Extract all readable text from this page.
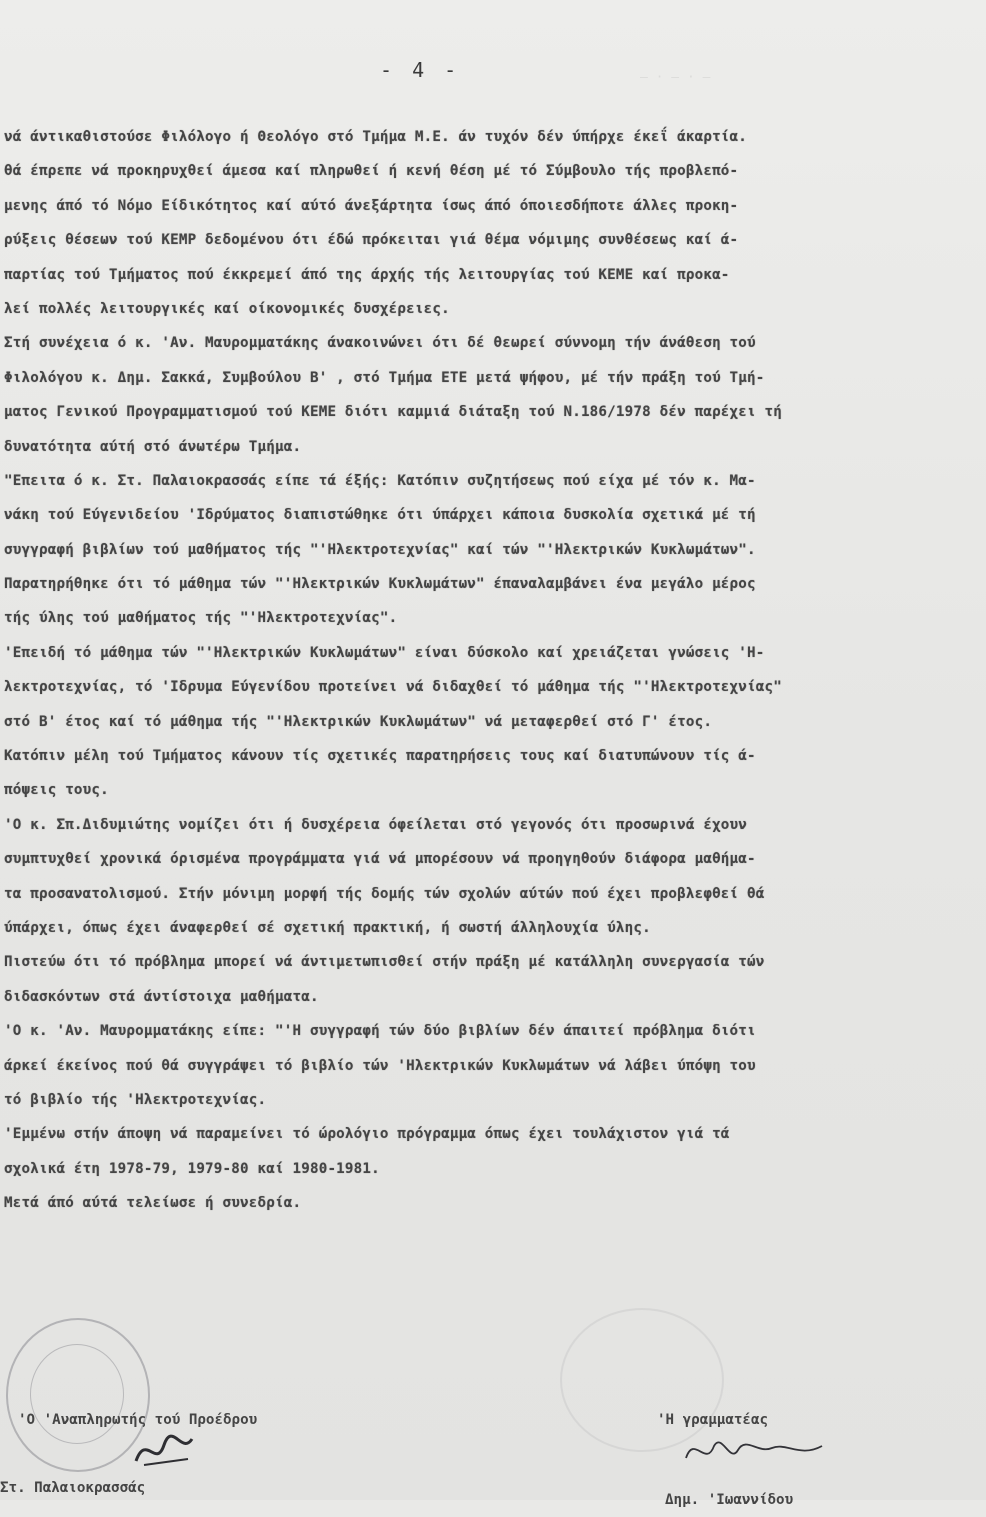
— · — · —
- 4 -
νά άντικαθιστούσε Φιλόλογο ή Θεολόγο στό Τμήμα Μ.Ε. άν τυχόν δέν ύπήρχε έκεΐ άκαρτία.
θά έπρεπε νά προκηρυχθεί άμεσα καί πληρωθεί ή κενή θέση μέ τό Σύμβουλο τής προβλεπό-
μενης άπό τό Νόμο Είδικότητος καί αύτό άνεξάρτητα ίσως άπό όποιεσδήποτε άλλες προκη-
ρύξεις θέσεων τού ΚΕΜΡ δεδομένου ότι έδώ πρόκειται γιά θέμα νόμιμης συνθέσεως καί ά-
παρτίας τού Τμήματος πού έκκρεμεί άπό της άρχής τής λειτουργίας τού ΚΕΜΕ καί προκα-
λεί πολλές λειτουργικές καί οίκονομικές δυσχέρειες.
Στή συνέχεια ό κ. 'Αν. Μαυρομματάκης άνακοινώνει ότι δέ θεωρεί σύννομη τήν άνάθεση τού
Φιλολόγου κ. Δημ. Σακκά, Συμβούλου Β' , στό Τμήμα ΕΤΕ μετά ψήφου, μέ τήν πράξη τού Τμή-
ματος Γενικού Προγραμματισμού τού ΚΕΜΕ διότι καμμιά διάταξη τού Ν.186/1978 δέν παρέχει τή
δυνατότητα αύτή στό άνωτέρω Τμήμα.
"Επειτα ό κ. Στ. Παλαιοκρασσάς είπε τά έξής: Κατόπιν συζητήσεως πού είχα μέ τόν κ. Μα-
νάκη τού Εύγενιδείου 'Ιδρύματος διαπιστώθηκε ότι ύπάρχει κάποια δυσκολία σχετικά μέ τή
συγγραφή βιβλίων τού μαθήματος τής "'Ηλεκτροτεχνίας" καί τών "'Ηλεκτρικών Κυκλωμάτων".
Παρατηρήθηκε ότι τό μάθημα τών "'Ηλεκτρικών Κυκλωμάτων" έπαναλαμβάνει ένα μεγάλο μέρος
τής ύλης τού μαθήματος τής "'Ηλεκτροτεχνίας".
'Επειδή τό μάθημα τών "'Ηλεκτρικών Κυκλωμάτων" είναι δύσκολο καί χρειάζεται γνώσεις 'Η-
λεκτροτεχνίας, τό 'Ιδρυμα Εύγενίδου προτείνει νά διδαχθεί τό μάθημα τής "'Ηλεκτροτεχνίας"
στό Β' έτος καί τό μάθημα τής "'Ηλεκτρικών Κυκλωμάτων" νά μεταφερθεί στό Γ' έτος.
Κατόπιν μέλη τού Τμήματος κάνουν τίς σχετικές παρατηρήσεις τους καί διατυπώνουν τίς ά-
πόψεις τους.
'Ο κ. Σπ.Διδυμιώτης νομίζει ότι ή δυσχέρεια όφείλεται στό γεγονός ότι προσωρινά έχουν
συμπτυχθεί χρονικά όρισμένα προγράμματα γιά νά μπορέσουν νά προηγηθούν διάφορα μαθήμα-
τα προσανατολισμού. Στήν μόνιμη μορφή τής δομής τών σχολών αύτών πού έχει προβλεφθεί θά
ύπάρχει, όπως έχει άναφερθεί σέ σχετική πρακτική, ή σωστή άλληλουχία ύλης.
Πιστεύω ότι τό πρόβλημα μπορεί νά άντιμετωπισθεί στήν πράξη μέ κατάλληλη συνεργασία τών
διδασκόντων στά άντίστοιχα μαθήματα.
'Ο κ. 'Αν. Μαυρομματάκης είπε: "'Η συγγραφή τών δύο βιβλίων δέν άπαιτεί πρόβλημα διότι
άρκεί έκείνος πού θά συγγράψει τό βιβλίο τών 'Ηλεκτρικών Κυκλωμάτων νά λάβει ύπόψη του
τό βιβλίο τής 'Ηλεκτροτεχνίας.
'Εμμένω στήν άποψη νά παραμείνει τό ώρολόγιο πρόγραμμα όπως έχει τουλάχιστον γιά τά
σχολικά έτη 1978-79, 1979-80 καί 1980-1981.
Μετά άπό αύτά τελείωσε ή συνεδρία.
'Ο 'Αναπληρωτής τού Προέδρου
Στ. Παλαιοκρασσάς
'Η γραμματέας
Δημ. 'Ιωαννίδου
